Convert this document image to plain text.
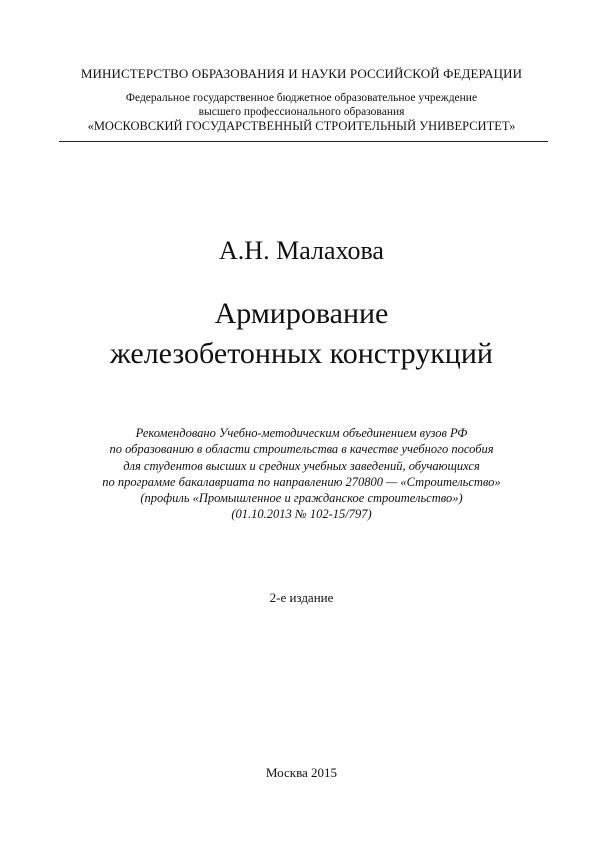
МИНИСТЕРСТВО ОБРАЗОВАНИЯ И НАУКИ РОССИЙСКОЙ ФЕДЕРАЦИИ
Федеральное государственное бюджетное образовательное учреждение
высшего профессионального образования
«МОСКОВСКИЙ ГОСУДАРСТВЕННЫЙ СТРОИТЕЛЬНЫЙ УНИВЕРСИТЕТ»
А.Н. Малахова
Армирование
железобетонных конструкций
Рекомендовано Учебно-методическим объединением вузов РФ
по образованию в области строительства в качестве учебного пособия
для студентов высших и средних учебных заведений, обучающихся
по программе бакалавриата по направлению 270800 — «Строительство»
(профиль «Промышленное и гражданское строительство»)
(01.10.2013 № 102-15/797)
2-е издание
Москва 2015
